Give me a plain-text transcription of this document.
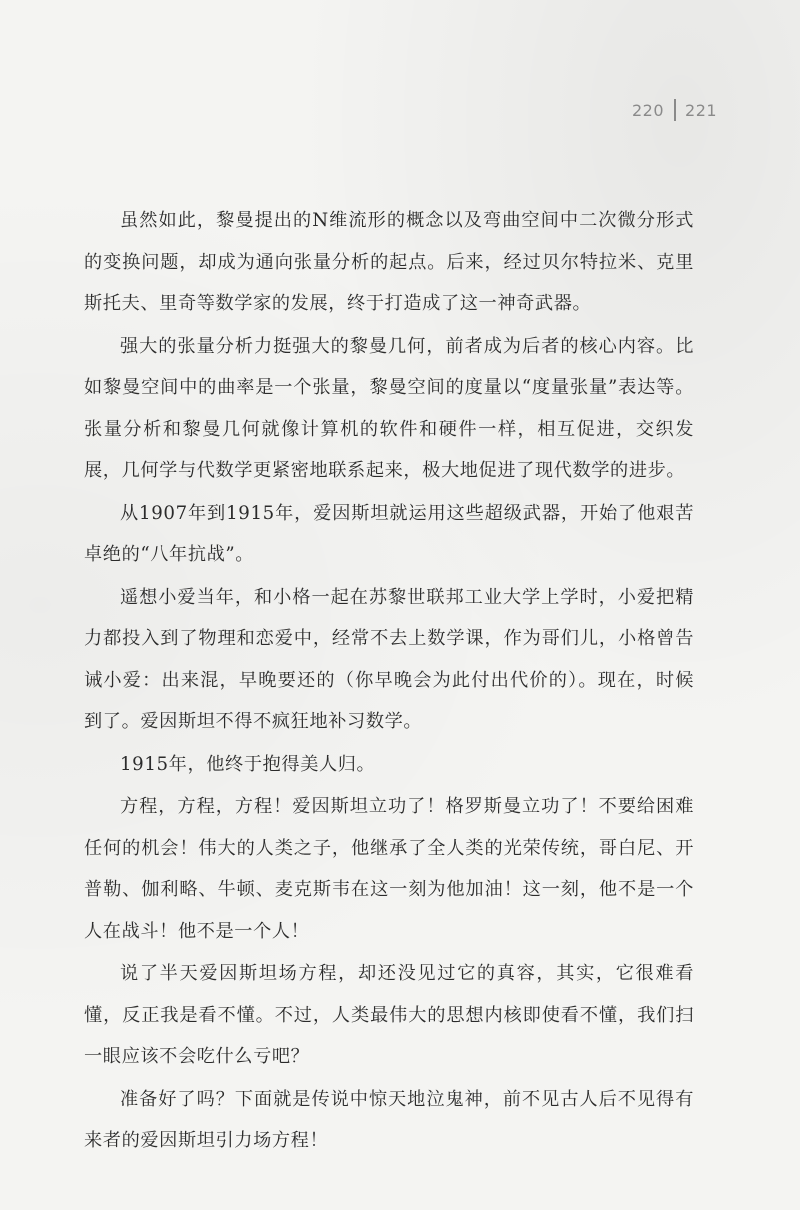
220 221

虽然如此，黎曼提出的N维流形的概念以及弯曲空间中二次微分形式的变换问题，却成为通向张量分析的起点。后来，经过贝尔特拉米、克里斯托夫、里奇等数学家的发展，终于打造成了这一神奇武器。

强大的张量分析力挺强大的黎曼几何，前者成为后者的核心内容。比如黎曼空间中的曲率是一个张量，黎曼空间的度量以“度量张量”表达等。张量分析和黎曼几何就像计算机的软件和硬件一样，相互促进，交织发展，几何学与代数学更紧密地联系起来，极大地促进了现代数学的进步。

从1907年到1915年，爱因斯坦就运用这些超级武器，开始了他艰苦卓绝的“八年抗战”。

遥想小爱当年，和小格一起在苏黎世联邦工业大学上学时，小爱把精力都投入到了物理和恋爱中，经常不去上数学课，作为哥们儿，小格曾告诫小爱：出来混，早晚要还的（你早晚会为此付出代价的）。现在，时候到了。爱因斯坦不得不疯狂地补习数学。

1915年，他终于抱得美人归。

方程，方程，方程！爱因斯坦立功了！格罗斯曼立功了！不要给困难任何的机会！伟大的人类之子，他继承了全人类的光荣传统，哥白尼、开普勒、伽利略、牛顿、麦克斯韦在这一刻为他加油！这一刻，他不是一个人在战斗！他不是一个人！

说了半天爱因斯坦场方程，却还没见过它的真容，其实，它很难看懂，反正我是看不懂。不过，人类最伟大的思想内核即使看不懂，我们扫一眼应该不会吃什么亏吧？

准备好了吗？下面就是传说中惊天地泣鬼神，前不见古人后不见得有来者的爱因斯坦引力场方程！
